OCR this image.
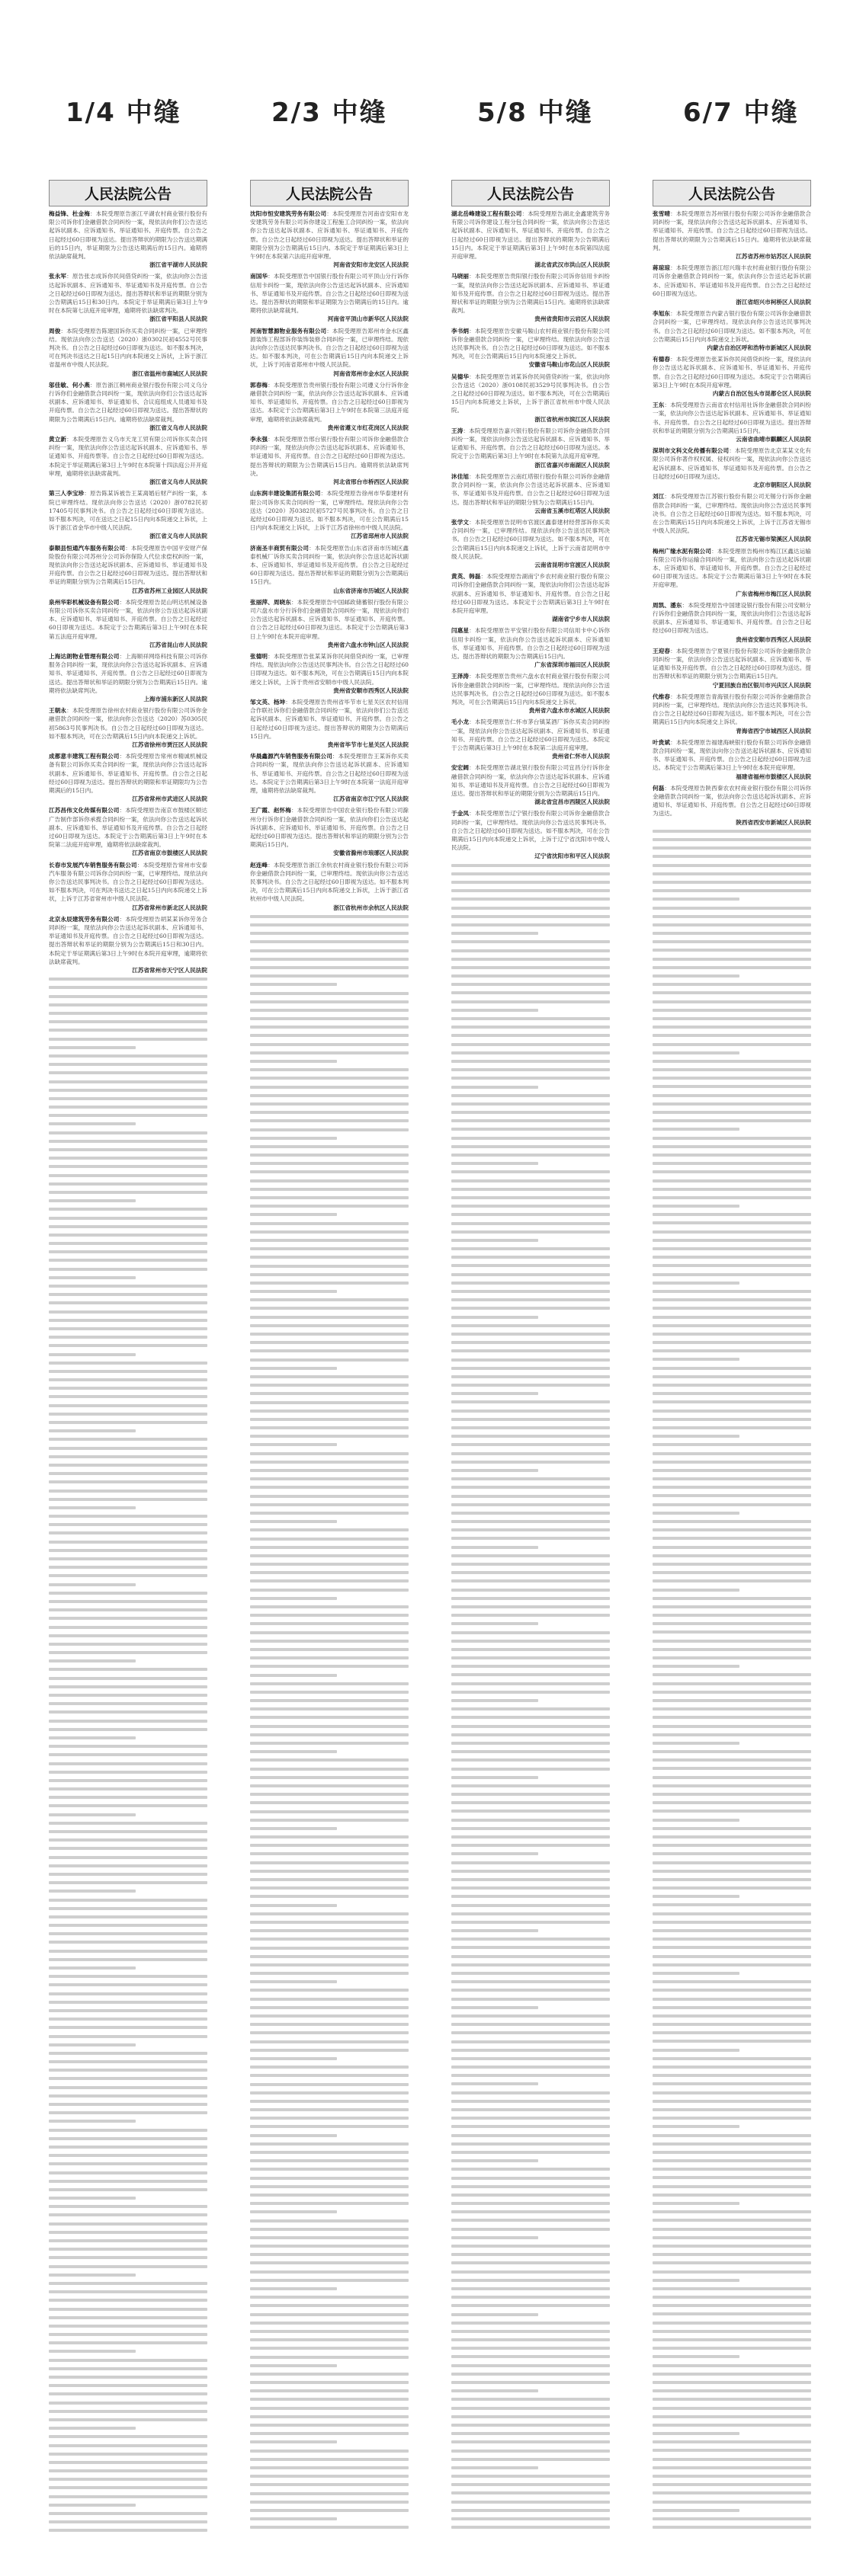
1/4 中缝	2/3 中缝	5/8 中缝	6/7 中缝
人民法院公告

梅益锋、杜金梅：本院受理原告浙江平湖农村商业银行股份有限公司诉你们金融借款合同纠纷一案，现依法向你们公告送达起诉状副本、应诉通知书、举证通知书、开庭传票。自公告之日起经过60日即视为送达。提出答辩状的期限为公告送达期满后的15日内，举证期限为公告送达期满后的15日内。逾期将依法缺席裁判。
浙江省平湖市人民法院

张永军：原告张志成诉你民间借贷纠纷一案，依法向你公告送达起诉状副本、应诉通知书、举证通知书及开庭传票。自公告之日起经过60日即视为送达。提出答辩状和举证的期限分别为公告期满后15日和30日内。本院定于举证期满后第3日上午9时在本院第七法庭开庭审理，逾期将依法缺席判决。
浙江省平阳县人民法院

周俊：本院受理原告陈建国诉你买卖合同纠纷一案，已审理终结。现依法向你公告送达（2020）浙0302民初4552号民事判决书。自公告之日起经过60日即视为送达。如不服本判决，可在判决书送达之日起15日内向本院递交上诉状，上诉于浙江省温州市中级人民法院。
浙江省温州市鹿城区人民法院

邬佳敏、何小燕：原告浙江稠州商业银行股份有限公司义乌分行诉你们金融借款合同纠纷一案，现依法向你们公告送达起诉状副本、应诉通知书、举证通知书、合议庭组成人员通知书及开庭传票。自公告之日起经过60日即视为送达。提出答辩状的期限为公告期满后15日内。逾期将依法缺席裁判。
浙江省义乌市人民法院

黄立新：本院受理原告义乌市天龙工贸有限公司诉你买卖合同纠纷一案，现依法向你公告送达起诉状副本、应诉通知书、举证通知书、开庭传票等。自公告之日起经过60日即视为送达。本院定于举证期满后第3日上午9时在本院第十四法庭公开开庭审理，逾期将依法缺席裁判。
浙江省义乌市人民法院

第三人李宝珍：原告陈某诉被告王某离婚后财产纠纷一案，本院已审理终结。现依法向你公告送达（2020）浙0782民初17405号民事判决书。自公告之日起经过60日即视为送达。如不服本判决，可在送达之日起15日内向本院递交上诉状，上诉于浙江省金华市中级人民法院。
浙江省义乌市人民法院

泰顺县恒通汽车服务有限公司：本院受理原告中国平安财产保险股份有限公司苏州分公司诉你保险人代位求偿权纠纷一案，现依法向你公告送达起诉状副本、应诉通知书、举证通知书及开庭传票。自公告之日起经过60日即视为送达。提出答辩状和举证的期限分别为公告期满后15日内。
江苏省苏州工业园区人民法院

泉州华彩机械设备有限公司：本院受理原告昆山明达机械设备有限公司诉你买卖合同纠纷一案，依法向你公告送达起诉状副本、应诉通知书、举证通知书、开庭传票。自公告之日起经过60日即视为送达。本院定于公告期满后第3日上午9时在本院第五法庭开庭审理。
江苏省昆山市人民法院

上海达朗物业管理有限公司：上海顺祥网络科技有限公司诉你服务合同纠纷一案，现依法向你公告送达起诉状副本、应诉通知书、举证通知书、开庭传票。自公告之日起经过60日即视为送达。提出答辩状和举证的期限分别为公告期满后15日内。逾期将依法缺席判决。
上海市浦东新区人民法院

王朝永：本院受理原告徐州农村商业银行股份有限公司诉你金融借款合同纠纷一案，依法向你公告送达（2020）苏0305民初5863号民事判决书。自公告之日起经过60日即视为送达。如不服本判决，可在公告期满后15日内向本院递交上诉状。
江苏省徐州市贾汪区人民法院

成都意丰建筑工程有限公司：本院受理原告常州市精诚机械设备有限公司诉你买卖合同纠纷一案，现依法向你公告送达起诉状副本、应诉通知书、举证通知书、开庭传票。自公告之日起经过60日即视为送达。提出答辩状的期限和举证期限均为公告期满后的15日内。
江苏省常州市武进区人民法院

江苏昌伟文化传媒有限公司：本院受理原告南京市鼓楼区顺达广告制作部诉你承揽合同纠纷一案，依法向你公告送达起诉状副本、应诉通知书、举证通知书及开庭传票。自公告之日起经过60日即视为送达。本院定于公告期满后第3日上午9时在本院第二法庭开庭审理，逾期将依法缺席裁判。
江苏省南京市鼓楼区人民法院

长春市发展汽车销售服务有限公司：本院受理原告常州市安泰汽车服务有限公司诉你合同纠纷一案，已审理终结。现依法向你公告送达民事判决书。自公告之日起经过60日即视为送达。如不服本判决，可在判决书送达之日起15日内向本院递交上诉状，上诉于江苏省常州市中级人民法院。
江苏省常州市新北区人民法院

北京永辰建筑劳务有限公司：本院受理原告胡某某诉你劳务合同纠纷一案，现依法向你公告送达起诉状副本、应诉通知书、举证通知书及开庭传票。自公告之日起经过60日即视为送达。提出答辩状和举证的期限分别为公告期满后15日和30日内。本院定于举证期满后第3日上午9时在本院开庭审理，逾期将依法缺席裁判。
江苏省常州市天宁区人民法院

人民法院公告

沈阳市恒安建筑劳务有限公司：本院受理原告河南省安阳市龙安建筑劳务有限公司诉你建设工程施工合同纠纷一案，依法向你公告送达起诉状副本、应诉通知书、举证通知书、开庭传票。自公告之日起经过60日即视为送达。提出答辩状和举证的期限分别为公告期满后15日内。本院定于举证期满后第3日上午9时在本院第六法庭开庭审理。
河南省安阳市龙安区人民法院

南国华：本院受理原告中国银行股份有限公司平顶山分行诉你信用卡纠纷一案，现依法向你公告送达起诉状副本、应诉通知书、举证通知书及开庭传票。自公告之日起经过60日即视为送达。提出答辩状的期限和举证期限为公告期满后的15日内。逾期将依法缺席裁判。
河南省平顶山市新华区人民法院

河南智慧源物业服务有限公司：本院受理原告郑州市金水区鑫源装饰工程部诉你装饰装修合同纠纷一案，已审理终结。现依法向你公告送达民事判决书。自公告之日起经过60日即视为送达。如不服本判决，可在公告期满后15日内向本院递交上诉状，上诉于河南省郑州市中级人民法院。
河南省郑州市金水区人民法院

郭春梅：本院受理原告贵州银行股份有限公司遵义分行诉你金融借款合同纠纷一案，依法向你公告送达起诉状副本、应诉通知书、举证通知书、开庭传票。自公告之日起经过60日即视为送达。本院定于公告期满后第3日上午9时在本院第三法庭开庭审理，逾期将依法缺席裁判。
贵州省遵义市红花岗区人民法院

李永强：本院受理原告邢台银行股份有限公司诉你金融借款合同纠纷一案，现依法向你公告送达起诉状副本、应诉通知书、举证通知书、开庭传票。自公告之日起经过60日即视为送达。提出答辩状的期限为公告期满后15日内。逾期将依法缺席判决。
河北省邢台市桥西区人民法院

山东润丰建设集团有限公司：本院受理原告徐州市华泰建材有限公司诉你买卖合同纠纷一案，已审理终结。现依法向你公告送达（2020）苏0382民初5727号民事判决书。自公告之日起经过60日即视为送达。如不服本判决，可在公告期满后15日内向本院递交上诉状，上诉于江苏省徐州市中级人民法院。
江苏省邳州市人民法院

济南圣丰商贸有限公司：本院受理原告山东省济南市历城区鑫泰机械厂诉你买卖合同纠纷一案，依法向你公告送达起诉状副本、应诉通知书、举证通知书及开庭传票。自公告之日起经过60日即视为送达。提出答辩状和举证的期限分别为公告期满后15日内。
山东省济南市历城区人民法院

张丽萍、周晓东：本院受理原告中国邮政储蓄银行股份有限公司六盘水市分行诉你们金融借款合同纠纷一案，现依法向你们公告送达起诉状副本、应诉通知书、举证通知书、开庭传票。自公告之日起经过60日即视为送达。本院定于公告期满后第3日上午9时在本院开庭审理。
贵州省六盘水市钟山区人民法院

张德明：本院受理原告张某某诉你民间借贷纠纷一案，已审理终结。现依法向你公告送达民事判决书。自公告之日起经过60日即视为送达。如不服本判决，可在公告期满后15日内向本院递交上诉状，上诉于贵州省安顺市中级人民法院。
贵州省安顺市西秀区人民法院

邹文英、杨坤：本院受理原告贵州省毕节市七星关区农村信用合作联社诉你们金融借款合同纠纷一案，依法向你们公告送达起诉状副本、应诉通知书、举证通知书、开庭传票。自公告之日起经过60日即视为送达。提出答辩状的期限为公告期满后15日内。
贵州省毕节市七星关区人民法院

华晨鑫源汽车销售服务有限公司：本院受理原告王某诉你买卖合同纠纷一案，现依法向你公告送达起诉状副本、应诉通知书、举证通知书、开庭传票。自公告之日起经过60日即视为送达。本院定于公告期满后第3日上午9时在本院第一法庭开庭审理，逾期将依法缺席裁判。
江苏省南京市江宁区人民法院

王广霞、赵怀梅：本院受理原告中国农业银行股份有限公司滁州分行诉你们金融借款合同纠纷一案，依法向你们公告送达起诉状副本、应诉通知书、举证通知书、开庭传票。自公告之日起经过60日即视为送达。提出答辩状和举证的期限分别为公告期满后15日内。
安徽省滁州市琅琊区人民法院

赵连峰：本院受理原告浙江余杭农村商业银行股份有限公司诉你金融借款合同纠纷一案，已审理终结。现依法向你公告送达民事判决书。自公告之日起经过60日即视为送达。如不服本判决，可在公告期满后15日内向本院递交上诉状，上诉于浙江省杭州市中级人民法院。
浙江省杭州市余杭区人民法院

人民法院公告

湖北岳峰建设工程有限公司：本院受理原告湖北金鑫建筑劳务有限公司诉你建设工程分包合同纠纷一案，依法向你公告送达起诉状副本、应诉通知书、举证通知书、开庭传票。自公告之日起经过60日即视为送达。提出答辩状的期限为公告期满后15日内。本院定于举证期满后第3日上午9时在本院第四法庭开庭审理。
湖北省武汉市洪山区人民法院

马晓丽：本院受理原告贵阳银行股份有限公司诉你信用卡纠纷一案，现依法向你公告送达起诉状副本、应诉通知书、举证通知书及开庭传票。自公告之日起经过60日即视为送达。提出答辩状和举证的期限分别为公告期满后15日内。逾期将依法缺席裁判。
贵州省贵阳市云岩区人民法院

李书炳：本院受理原告安徽马鞍山农村商业银行股份有限公司诉你金融借款合同纠纷一案，已审理终结。现依法向你公告送达民事判决书。自公告之日起经过60日即视为送达。如不服本判决，可在公告期满后15日内向本院递交上诉状。
安徽省马鞍山市花山区人民法院

吴德华：本院受理原告刘某诉你民间借贷纠纷一案，依法向你公告送达（2020）浙0108民初3529号民事判决书。自公告之日起经过60日即视为送达。如不服本判决，可在公告期满后15日内向本院递交上诉状，上诉于浙江省杭州市中级人民法院。
浙江省杭州市滨江区人民法院

王涛：本院受理原告嘉兴银行股份有限公司诉你金融借款合同纠纷一案，现依法向你公告送达起诉状副本、应诉通知书、举证通知书、开庭传票。自公告之日起经过60日即视为送达。本院定于公告期满后第3日上午9时在本院第九法庭开庭审理。
浙江省嘉兴市南湖区人民法院

沐佳旭：本院受理原告云南红塔银行股份有限公司诉你金融借款合同纠纷一案，依法向你公告送达起诉状副本、应诉通知书、举证通知书及开庭传票。自公告之日起经过60日即视为送达。提出答辩状和举证的期限分别为公告期满后15日内。
云南省玉溪市红塔区人民法院

张学文：本院受理原告昆明市官渡区鑫泰建材经营部诉你买卖合同纠纷一案，已审理终结。现依法向你公告送达民事判决书。自公告之日起经过60日即视为送达。如不服本判决，可在公告期满后15日内向本院递交上诉状，上诉于云南省昆明市中级人民法院。
云南省昆明市官渡区人民法院

黄英、韩磊：本院受理原告湖南宁乡农村商业银行股份有限公司诉你们金融借款合同纠纷一案，现依法向你们公告送达起诉状副本、应诉通知书、举证通知书、开庭传票。自公告之日起经过60日即视为送达。本院定于公告期满后第3日上午9时在本院开庭审理。
湖南省宁乡市人民法院

闫惠星：本院受理原告平安银行股份有限公司信用卡中心诉你信用卡纠纷一案，依法向你公告送达起诉状副本、应诉通知书、举证通知书、开庭传票。自公告之日起经过60日即视为送达。提出答辩状的期限为公告期满后15日内。
广东省深圳市福田区人民法院

王泽涛：本院受理原告贵州六盘水农村商业银行股份有限公司诉你金融借款合同纠纷一案，已审理终结。现依法向你公告送达民事判决书。自公告之日起经过60日即视为送达。如不服本判决，可在公告期满后15日内向本院递交上诉状。
贵州省六盘水市水城区人民法院

毛小龙：本院受理原告仁怀市茅台镇某酒厂诉你买卖合同纠纷一案，现依法向你公告送达起诉状副本、应诉通知书、举证通知书、开庭传票。自公告之日起经过60日即视为送达。本院定于公告期满后第3日上午9时在本院第二法庭开庭审理。
贵州省仁怀市人民法院

安宏阔：本院受理原告湖北银行股份有限公司宜昌分行诉你金融借款合同纠纷一案，依法向你公告送达起诉状副本、应诉通知书、举证通知书及开庭传票。自公告之日起经过60日即视为送达。提出答辩状和举证的期限分别为公告期满后15日内。
湖北省宜昌市西陵区人民法院

于金凤：本院受理原告辽宁银行股份有限公司诉你金融借款合同纠纷一案，已审理终结。现依法向你公告送达民事判决书。自公告之日起经过60日即视为送达。如不服本判决，可在公告期满后15日内向本院递交上诉状，上诉于辽宁省沈阳市中级人民法院。
辽宁省沈阳市和平区人民法院

人民法院公告

张雪晴：本院受理原告苏州银行股份有限公司诉你金融借款合同纠纷一案，现依法向你公告送达起诉状副本、应诉通知书、举证通知书、开庭传票。自公告之日起经过60日即视为送达。提出答辩状的期限为公告期满后15日内。逾期将依法缺席裁判。
江苏省苏州市姑苏区人民法院

蒋琼琼：本院受理原告浙江绍兴瑞丰农村商业银行股份有限公司诉你金融借款合同纠纷一案，依法向你公告送达起诉状副本、应诉通知书、举证通知书及开庭传票。自公告之日起经过60日即视为送达。
浙江省绍兴市柯桥区人民法院

李旭东：本院受理原告内蒙古银行股份有限公司诉你金融借款合同纠纷一案，已审理终结。现依法向你公告送达民事判决书。自公告之日起经过60日即视为送达。如不服本判决，可在公告期满后15日内向本院递交上诉状。
内蒙古自治区呼和浩特市新城区人民法院

有德春：本院受理原告张某诉你民间借贷纠纷一案，现依法向你公告送达起诉状副本、应诉通知书、举证通知书、开庭传票。自公告之日起经过60日即视为送达。本院定于公告期满后第3日上午9时在本院开庭审理。
内蒙古自治区包头市昆都仑区人民法院

王东：本院受理原告云南省农村信用社诉你金融借款合同纠纷一案，依法向你公告送达起诉状副本、应诉通知书、举证通知书、开庭传票。自公告之日起经过60日即视为送达。提出答辩状和举证的期限分别为公告期满后15日内。
云南省曲靖市麒麟区人民法院

深圳市文科文化传播有限公司：本院受理原告北京某某文化有限公司诉你著作权权属、侵权纠纷一案，现依法向你公告送达起诉状副本、应诉通知书、举证通知书及开庭传票。自公告之日起经过60日即视为送达。
北京市朝阳区人民法院

刘江：本院受理原告江苏银行股份有限公司无锡分行诉你金融借款合同纠纷一案，已审理终结。现依法向你公告送达民事判决书。自公告之日起经过60日即视为送达。如不服本判决，可在公告期满后15日内向本院递交上诉状，上诉于江苏省无锡市中级人民法院。
江苏省无锡市梁溪区人民法院

梅州广缘水泥有限公司：本院受理原告梅州市梅江区鑫达运输有限公司诉你运输合同纠纷一案，依法向你公告送达起诉状副本、应诉通知书、举证通知书、开庭传票。自公告之日起经过60日即视为送达。本院定于公告期满后第3日上午9时在本院开庭审理。
广东省梅州市梅江区人民法院

周凯、潘东：本院受理原告中国建设银行股份有限公司安顺分行诉你们金融借款合同纠纷一案，现依法向你们公告送达起诉状副本、应诉通知书、举证通知书、开庭传票。自公告之日起经过60日即视为送达。
贵州省安顺市西秀区人民法院

王迎春：本院受理原告宁夏银行股份有限公司诉你金融借款合同纠纷一案，依法向你公告送达起诉状副本、应诉通知书、举证通知书及开庭传票。自公告之日起经过60日即视为送达。提出答辩状和举证的期限分别为公告期满后15日内。
宁夏回族自治区银川市兴庆区人民法院

代维春：本院受理原告青海银行股份有限公司诉你金融借款合同纠纷一案，已审理终结。现依法向你公告送达民事判决书。自公告之日起经过60日即视为送达。如不服本判决，可在公告期满后15日内向本院递交上诉状。
青海省西宁市城西区人民法院

叶贵斌：本院受理原告福建海峡银行股份有限公司诉你金融借款合同纠纷一案，现依法向你公告送达起诉状副本、应诉通知书、举证通知书、开庭传票。自公告之日起经过60日即视为送达。本院定于公告期满后第3日上午9时在本院开庭审理。
福建省福州市鼓楼区人民法院

何磊：本院受理原告陕西秦农农村商业银行股份有限公司诉你金融借款合同纠纷一案，依法向你公告送达起诉状副本、应诉通知书、举证通知书、开庭传票。自公告之日起经过60日即视为送达。
陕西省西安市新城区人民法院
